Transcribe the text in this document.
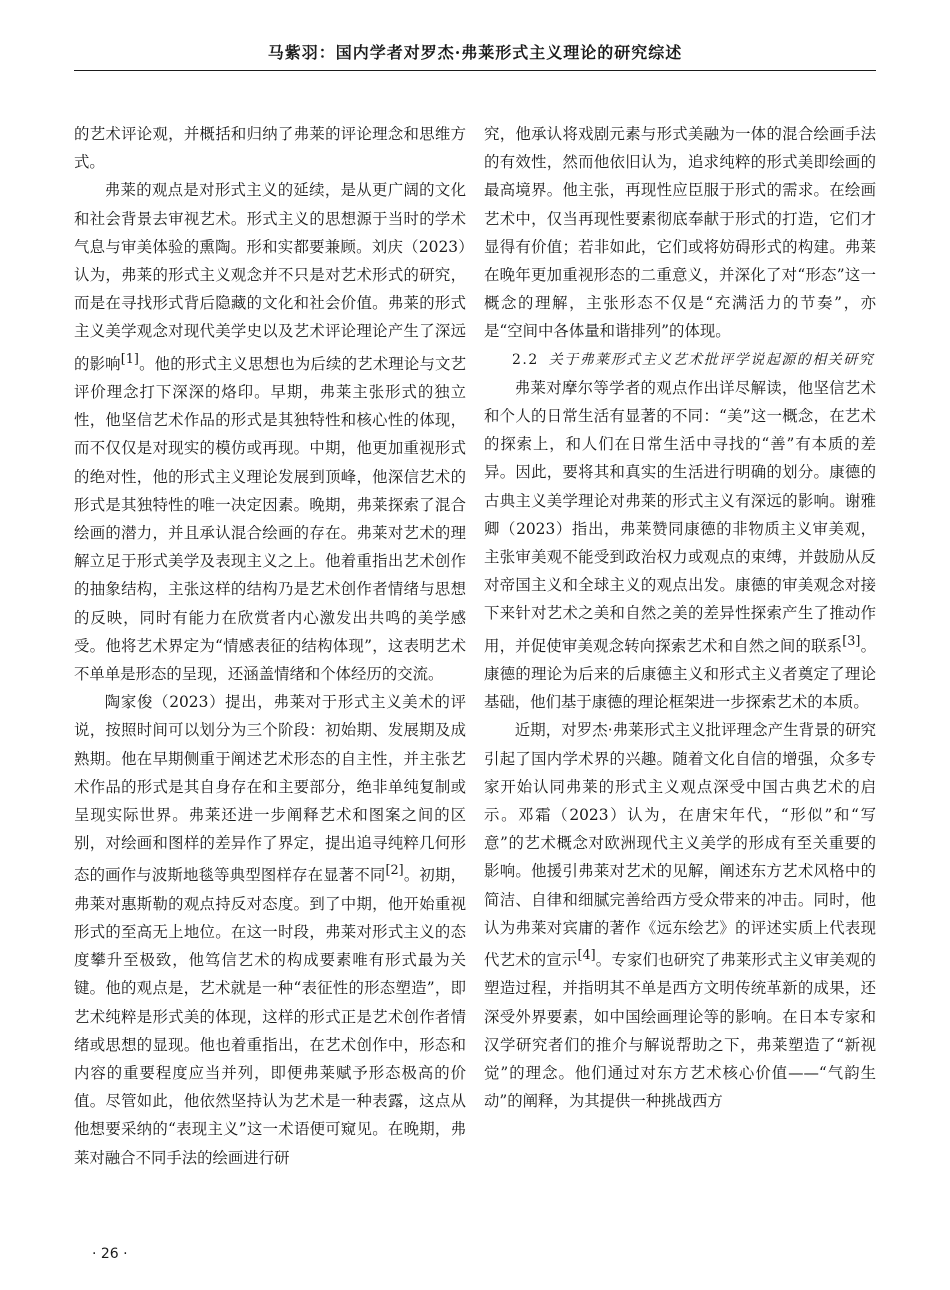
马紫羽：国内学者对罗杰·弗莱形式主义理论的研究综述

的艺术评论观，并概括和归纳了弗莱的评论理念和思维方式。

弗莱的观点是对形式主义的延续，是从更广阔的文化和社会背景去审视艺术。形式主义的思想源于当时的学术气息与审美体验的熏陶。形和实都要兼顾。刘庆（2023）认为，弗莱的形式主义观念并不只是对艺术形式的研究，而是在寻找形式背后隐藏的文化和社会价值。弗莱的形式主义美学观念对现代美学史以及艺术评论理论产生了深远的影响[1]。他的形式主义思想也为后续的艺术理论与文艺评价理念打下深深的烙印。早期，弗莱主张形式的独立性，他坚信艺术作品的形式是其独特性和核心性的体现，而不仅仅是对现实的模仿或再现。中期，他更加重视形式的绝对性，他的形式主义理论发展到顶峰，他深信艺术的形式是其独特性的唯一决定因素。晚期，弗莱探索了混合绘画的潜力，并且承认混合绘画的存在。弗莱对艺术的理解立足于形式美学及表现主义之上。他着重指出艺术创作的抽象结构，主张这样的结构乃是艺术创作者情绪与思想的反映，同时有能力在欣赏者内心激发出共鸣的美学感受。他将艺术界定为“情感表征的结构体现”，这表明艺术不单单是形态的呈现，还涵盖情绪和个体经历的交流。

陶家俊（2023）提出，弗莱对于形式主义美术的评说，按照时间可以划分为三个阶段：初始期、发展期及成熟期。他在早期侧重于阐述艺术形态的自主性，并主张艺术作品的形式是其自身存在和主要部分，绝非单纯复制或呈现实际世界。弗莱还进一步阐释艺术和图案之间的区别，对绘画和图样的差异作了界定，提出追寻纯粹几何形态的画作与波斯地毯等典型图样存在显著不同[2]。初期，弗莱对惠斯勒的观点持反对态度。到了中期，他开始重视形式的至高无上地位。在这一时段，弗莱对形式主义的态度攀升至极致，他笃信艺术的构成要素唯有形式最为关键。他的观点是，艺术就是一种“表征性的形态塑造”，即艺术纯粹是形式美的体现，这样的形式正是艺术创作者情绪或思想的显现。他也着重指出，在艺术创作中，形态和内容的重要程度应当并列，即便弗莱赋予形态极高的价值。尽管如此，他依然坚持认为艺术是一种表露，这点从他想要采纳的“表现主义”这一术语便可窥见。在晚期，弗莱对融合不同手法的绘画进行研

究，他承认将戏剧元素与形式美融为一体的混合绘画手法的有效性，然而他依旧认为，追求纯粹的形式美即绘画的最高境界。他主张，再现性应臣服于形式的需求。在绘画艺术中，仅当再现性要素彻底奉献于形式的打造，它们才显得有价值；若非如此，它们或将妨碍形式的构建。弗莱在晚年更加重视形态的二重意义，并深化了对“形态”这一概念的理解，主张形态不仅是“充满活力的节奏”，亦是“空间中各体量和谐排列”的体现。

2.2 关于弗莱形式主义艺术批评学说起源的相关研究

弗莱对摩尔等学者的观点作出详尽解读，他坚信艺术和个人的日常生活有显著的不同：“美”这一概念，在艺术的探索上，和人们在日常生活中寻找的“善”有本质的差异。因此，要将其和真实的生活进行明确的划分。康德的古典主义美学理论对弗莱的形式主义有深远的影响。谢雅卿（2023）指出，弗莱赞同康德的非物质主义审美观，主张审美观不能受到政治权力或观点的束缚，并鼓励从反对帝国主义和全球主义的观点出发。康德的审美观念对接下来针对艺术之美和自然之美的差异性探索产生了推动作用，并促使审美观念转向探索艺术和自然之间的联系[3]。康德的理论为后来的后康德主义和形式主义者奠定了理论基础，他们基于康德的理论框架进一步探索艺术的本质。

近期，对罗杰·弗莱形式主义批评理念产生背景的研究引起了国内学术界的兴趣。随着文化自信的增强，众多专家开始认同弗莱的形式主义观点深受中国古典艺术的启示。邓霜（2023）认为，在唐宋年代，“形似”和“写意”的艺术概念对欧洲现代主义美学的形成有至关重要的影响。他援引弗莱对艺术的见解，阐述东方艺术风格中的简洁、自律和细腻完善给西方受众带来的冲击。同时，他认为弗莱对宾庸的著作《远东绘艺》的评述实质上代表现代艺术的宣示[4]。专家们也研究了弗莱形式主义审美观的塑造过程，并指明其不单是西方文明传统革新的成果，还深受外界要素，如中国绘画理论等的影响。在日本专家和汉学研究者们的推介与解说帮助之下，弗莱塑造了“新视觉”的理念。他们通过对东方艺术核心价值——“气韵生动”的阐释，为其提供一种挑战西方

· 26 ·
